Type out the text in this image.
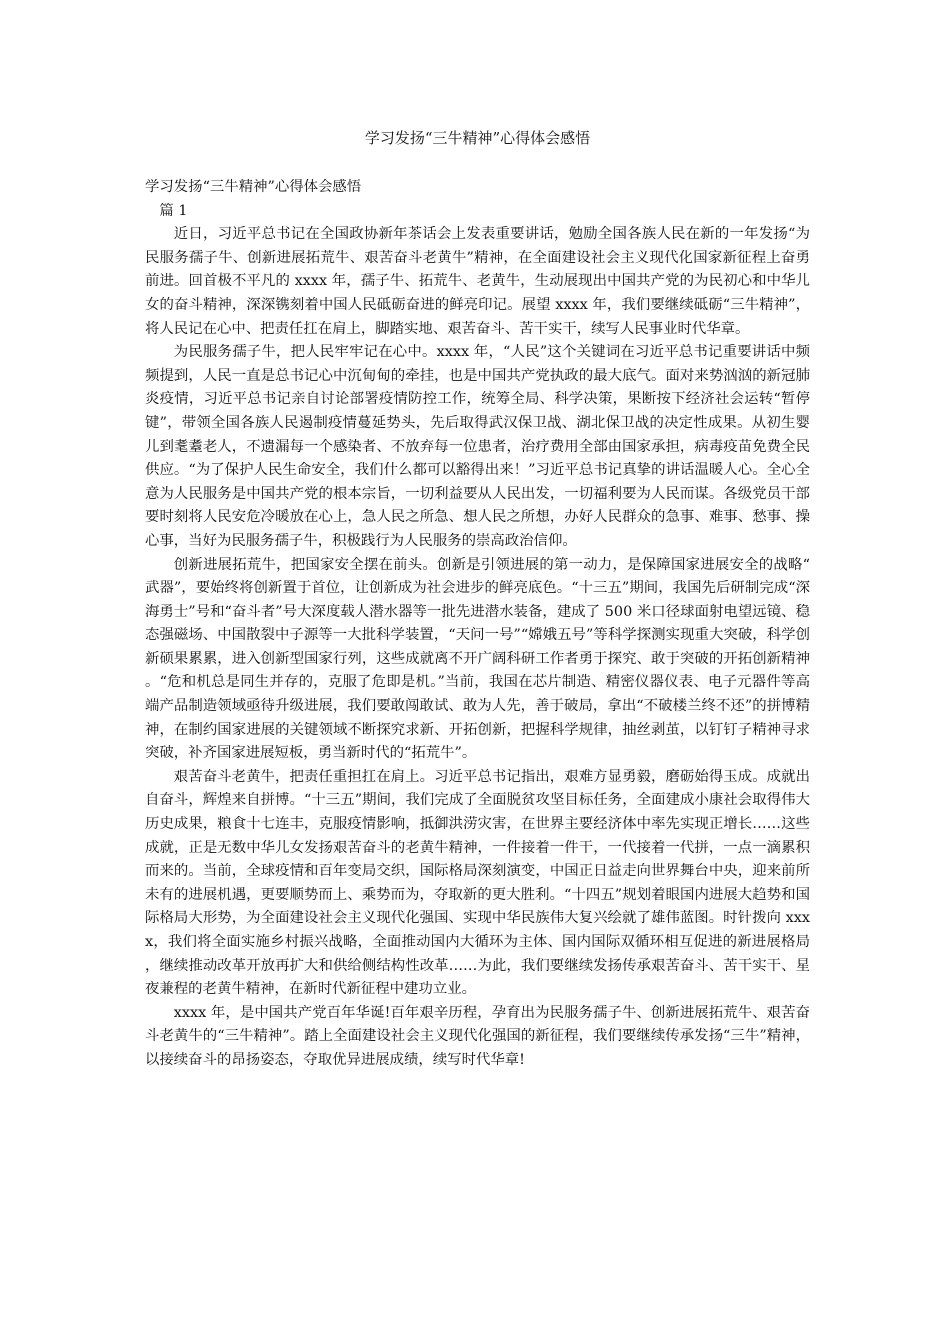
学习发扬“三牛精神”心得体会感悟

学习发扬“三牛精神”心得体会感悟

篇 1

近日，习近平总书记在全国政协新年茶话会上发表重要讲话，勉励全国各族人民在新的一年发扬“为民服务孺子牛、创新进展拓荒牛、艰苦奋斗老黄牛”精神，在全面建设社会主义现代化国家新征程上奋勇前进。回首极不平凡的 xxxx 年，孺子牛、拓荒牛、老黄牛，生动展现出中国共产党的为民初心和中华儿女的奋斗精神，深深镌刻着中国人民砥砺奋进的鲜亮印记。展望 xxxx 年，我们要继续砥砺“三牛精神”，将人民记在心中、把责任扛在肩上，脚踏实地、艰苦奋斗、苦干实干，续写人民事业时代华章。

为民服务孺子牛，把人民牢牢记在心中。xxxx 年，“人民”这个关键词在习近平总书记重要讲话中频频提到，人民一直是总书记心中沉甸甸的牵挂，也是中国共产党执政的最大底气。面对来势汹汹的新冠肺炎疫情，习近平总书记亲自讨论部署疫情防控工作，统筹全局、科学决策，果断按下经济社会运转“暂停键”，带领全国各族人民遏制疫情蔓延势头，先后取得武汉保卫战、湖北保卫战的决定性成果。从初生婴儿到耄耋老人，不遗漏每一个感染者、不放弃每一位患者，治疗费用全部由国家承担，病毒疫苗免费全民供应。“为了保护人民生命安全，我们什么都可以豁得出来！”习近平总书记真挚的讲话温暖人心。全心全意为人民服务是中国共产党的根本宗旨，一切利益要从人民出发，一切福利要为人民而谋。各级党员干部要时刻将人民安危冷暖放在心上，急人民之所急、想人民之所想，办好人民群众的急事、难事、愁事、操心事，当好为民服务孺子牛，积极践行为人民服务的崇高政治信仰。

创新进展拓荒牛，把国家安全摆在前头。创新是引领进展的第一动力，是保障国家进展安全的战略“武器”，要始终将创新置于首位，让创新成为社会进步的鲜亮底色。“十三五”期间，我国先后研制完成“深海勇士”号和“奋斗者”号大深度载人潜水器等一批先进潜水装备，建成了 500 米口径球面射电望远镜、稳态强磁场、中国散裂中子源等一大批科学装置，“天问一号”“嫦娥五号”等科学探测实现重大突破，科学创新硕果累累，进入创新型国家行列，这些成就离不开广阔科研工作者勇于探究、敢于突破的开拓创新精神。“危和机总是同生并存的，克服了危即是机。”当前，我国在芯片制造、精密仪器仪表、电子元器件等高端产品制造领域亟待升级进展，我们要敢闯敢试、敢为人先，善于破局，拿出“不破楼兰终不还”的拼博精神，在制约国家进展的关键领域不断探究求新、开拓创新，把握科学规律，抽丝剥茧，以钉钉子精神寻求突破，补齐国家进展短板，勇当新时代的“拓荒牛”。

艰苦奋斗老黄牛，把责任重担扛在肩上。习近平总书记指出，艰难方显勇毅，磨砺始得玉成。成就出自奋斗，辉煌来自拼博。“十三五”期间，我们完成了全面脱贫攻坚目标任务，全面建成小康社会取得伟大历史成果，粮食十七连丰，克服疫情影响，抵御洪涝灾害，在世界主要经济体中率先实现正增长……这些成就，正是无数中华儿女发扬艰苦奋斗的老黄牛精神，一件接着一件干，一代接着一代拼，一点一滴累积而来的。当前，全球疫情和百年变局交织，国际格局深刻演变，中国正日益走向世界舞台中央，迎来前所未有的进展机遇，更要顺势而上、乘势而为，夺取新的更大胜利。“十四五”规划着眼国内进展大趋势和国际格局大形势，为全面建设社会主义现代化强国、实现中华民族伟大复兴绘就了雄伟蓝图。时针拨向 xxxx，我们将全面实施乡村振兴战略，全面推动国内大循环为主体、国内国际双循环相互促进的新进展格局，继续推动改革开放再扩大和供给侧结构性改革……为此，我们要继续发扬传承艰苦奋斗、苦干实干、星夜兼程的老黄牛精神，在新时代新征程中建功立业。

xxxx 年，是中国共产党百年华诞!百年艰辛历程，孕育出为民服务孺子牛、创新进展拓荒牛、艰苦奋斗老黄牛的“三牛精神”。踏上全面建设社会主义现代化强国的新征程，我们要继续传承发扬“三牛”精神，以接续奋斗的昂扬姿态，夺取优异进展成绩，续写时代华章!
